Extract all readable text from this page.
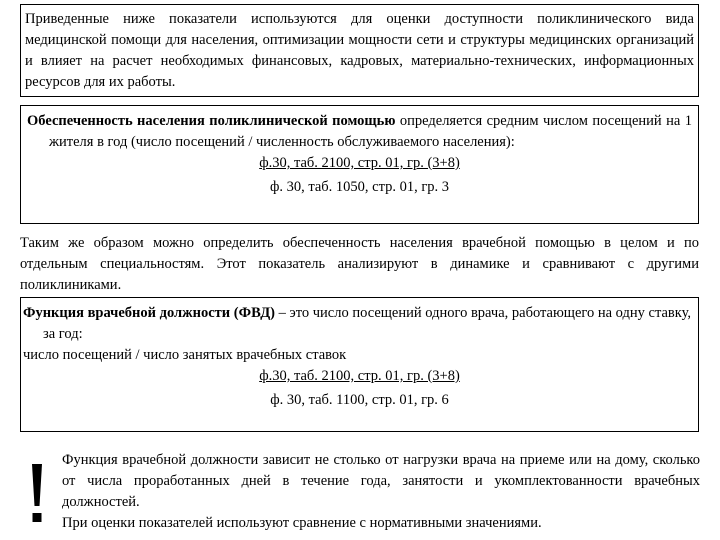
Приведенные ниже показатели используются для оценки доступности поликлинического вида медицинской помощи для населения, оптимизации мощности сети и структуры медицинских организаций и влияет на расчет необходимых финансовых, кадровых, материально-технических, информационных ресурсов для их работы.

Обеспеченность населения поликлинической помощью определяется средним числом посещений на 1 жителя в год (число посещений / численность обслуживаемого населения):

ф.30, таб. 2100, стр. 01, гр. (3+8)

ф. 30, таб. 1050, стр. 01, гр. 3

Таким же образом можно определить обеспеченность населения врачебной помощью в целом и по отдельным специальностям. Этот показатель анализируют в динамике и сравнивают с другими поликлиниками.

Функция врачебной должности (ФВД) – это число посещений одного врача, работающего на одну ставку, за год:

число посещений / число занятых врачебных ставок

ф.30, таб. 2100, стр. 01, гр. (3+8)

ф. 30, таб. 1100, стр. 01, гр. 6

Функция врачебной должности зависит не столько от нагрузки врача на приеме или на дому, сколько от числа проработанных дней в течение года, занятости и укомплектованности врачебных должностей.

При оценки показателей используют сравнение с нормативными значениями.
